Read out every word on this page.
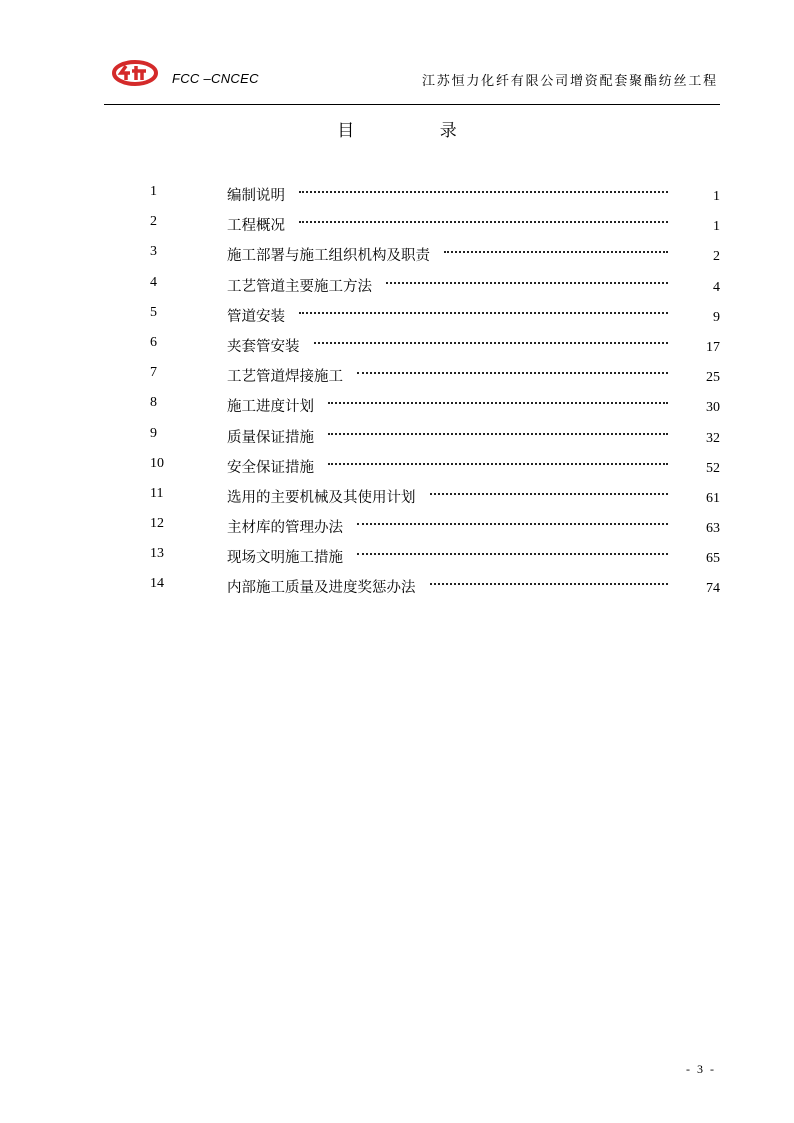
FCC –CNCEC	江苏恒力化纤有限公司增资配套聚酯纺丝工程
目 录
1	编制说明	1
2	工程概况	1
3	施工部署与施工组织机构及职责	2
4	工艺管道主要施工方法	4
5	管道安装	9
6	夹套管安装	17
7	工艺管道焊接施工	25
8	施工进度计划	30
9	质量保证措施	32
10	安全保证措施	52
11	选用的主要机械及其使用计划	61
12	主材库的管理办法	63
13	现场文明施工措施	65
14	内部施工质量及进度奖惩办法	74
- 3 -
